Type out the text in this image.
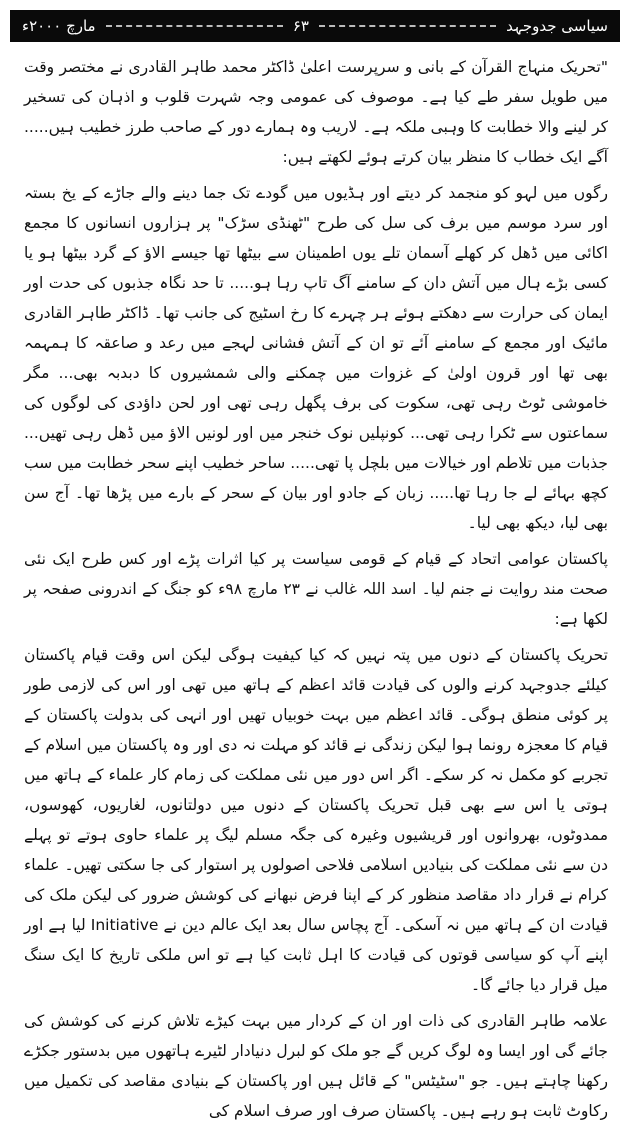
مارچ ۲۰۰۰ء	۶۳	سیاسی جدوجہد

"تحریک منہاج القرآن کے بانی و سرپرست اعلیٰ ڈاکٹر محمد طاہر القادری نے مختصر وقت میں طویل سفر طے کیا ہے۔ موصوف کی عمومی وجہ شہرت قلوب و اذہان کی تسخیر کر لینے والا خطابت کا وہبی ملکہ ہے۔ لاریب وہ ہمارے دور کے صاحب طرز خطیب ہیں..... آگے ایک خطاب کا منظر بیان کرتے ہوئے لکھتے ہیں:

رگوں میں لہو کو منجمد کر دیتے اور ہڈیوں میں گودے تک جما دینے والے جاڑے کے یخ بستہ اور سرد موسم میں برف کی سل کی طرح "ٹھنڈی سڑک" پر ہزاروں انسانوں کا مجمع اکائی میں ڈھل کر کھلے آسمان تلے یوں اطمینان سے بیٹھا تھا جیسے الاؤ کے گرد بیٹھا ہو یا کسی بڑے ہال میں آتش دان کے سامنے آگ تاپ رہا ہو..... تا حد نگاہ جذبوں کی حدت اور ایمان کی حرارت سے دھکتے ہوئے ہر چہرے کا رخ اسٹیج کی جانب تھا۔ ڈاکٹر طاہر القادری مائیک اور مجمع کے سامنے آئے تو ان کے آتش فشانی لہجے میں رعد و صاعقہ کا ہمہمہ بھی تھا اور قرون اولیٰ کے غزوات میں چمکنے والی شمشیروں کا دبدبہ بھی... مگر خاموشی ٹوٹ رہی تھی، سکوت کی برف پگھل رہی تھی اور لحن داؤدی کی لوگوں کی سماعتوں سے ٹکرا رہی تھی... کونپلیں نوک خنجر میں اور لونیں الاؤ میں ڈھل رہی تھیں... جذبات میں تلاطم اور خیالات میں بلچل پا تھی..... ساحر خطیب اپنے سحر خطابت میں سب کچھ بہائے لے جا رہا تھا..... زبان کے جادو اور بیان کے سحر کے بارے میں پڑھا تھا۔ آج سن بھی لیا، دیکھ بھی لیا۔

پاکستان عوامی اتحاد کے قیام کے قومی سیاست پر کیا اثرات پڑے اور کس طرح ایک نئی صحت مند روایت نے جنم لیا۔ اسد اللہ غالب نے ۲۳ مارچ ۹۸ء کو جنگ کے اندرونی صفحہ پر لکھا ہے:

تحریک پاکستان کے دنوں میں پتہ نہیں کہ کیا کیفیت ہوگی لیکن اس وقت قیام پاکستان کیلئے جدوجہد کرنے والوں کی قیادت قائد اعظم کے ہاتھ میں تھی اور اس کی لازمی طور پر کوئی منطق ہوگی۔ قائد اعظم میں بہت خوبیاں تھیں اور انہی کی بدولت پاکستان کے قیام کا معجزہ رونما ہوا لیکن زندگی نے قائد کو مہلت نہ دی اور وہ پاکستان میں اسلام کے تجربے کو مکمل نہ کر سکے۔ اگر اس دور میں نئی مملکت کی زمام کار علماء کے ہاتھ میں ہوتی یا اس سے بھی قبل تحریک پاکستان کے دنوں میں دولتانوں، لغاریوں، کھوسوں، ممدوٹوں، بھروانوں اور قریشیوں وغیرہ کی جگہ مسلم لیگ پر علماء حاوی ہوتے تو پہلے دن سے نئی مملکت کی بنیادیں اسلامی فلاحی اصولوں پر استوار کی جا سکتی تھیں۔ علماء کرام نے قرار داد مقاصد منظور کر کے اپنا فرض نبھانے کی کوشش ضرور کی لیکن ملک کی قیادت ان کے ہاتھ میں نہ آسکی۔ آج پچاس سال بعد ایک عالم دین نے Initiative لیا ہے اور اپنے آپ کو سیاسی قوتوں کی قیادت کا اہل ثابت کیا ہے تو اس ملکی تاریخ کا ایک سنگ میل قرار دیا جائے گا۔

علامہ طاہر القادری کی ذات اور ان کے کردار میں بہت کیڑے تلاش کرنے کی کوشش کی جائے گی اور ایسا وہ لوگ کریں گے جو ملک کو لبرل دنیادار لٹیرے ہاتھوں میں بدستور جکڑے رکھنا چاہتے ہیں۔ جو "سٹیٹس" کے قائل ہیں اور پاکستان کے بنیادی مقاصد کی تکمیل میں رکاوٹ ثابت ہو رہے ہیں۔ پاکستان صرف اور صرف اسلام کی
